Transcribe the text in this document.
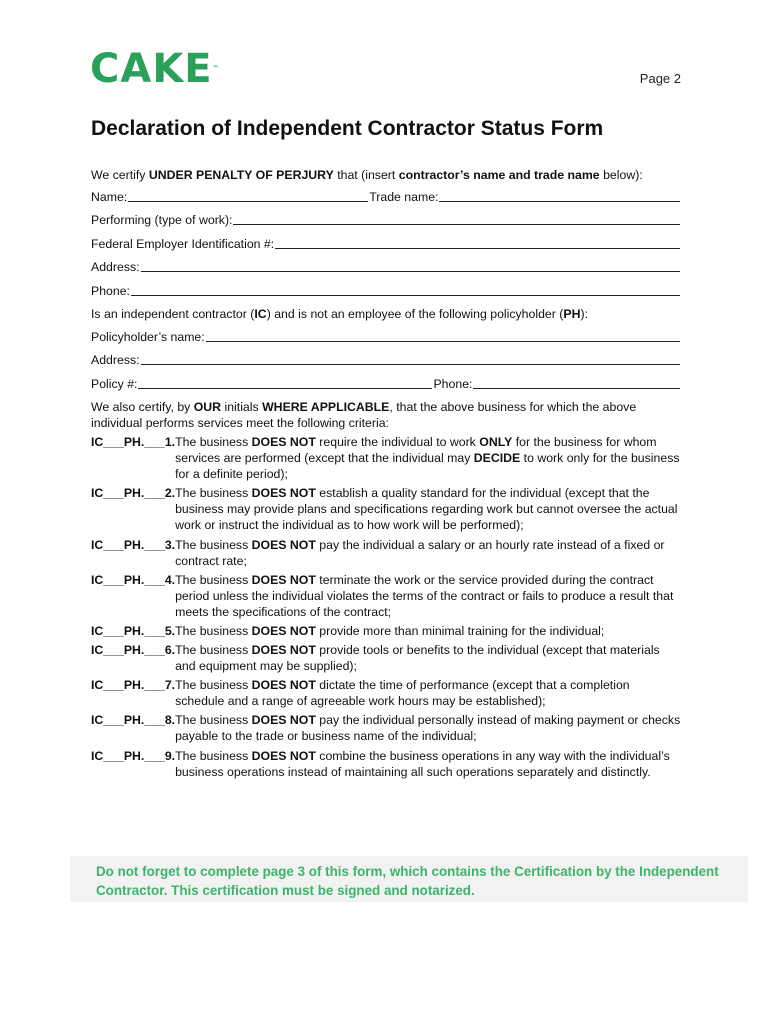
CAKE™
Page 2
Declaration of Independent Contractor Status Form

We certify UNDER PENALTY OF PERJURY that (insert contractor’s name and trade name below):

Name:	Trade name:
Performing (type of work):
Federal Employer Identification #:
Address:
Phone:

Is an independent contractor (IC) and is not an employee of the following policyholder (PH):

Policyholder’s name:
Address:
Policy #:	Phone:

We also certify, by OUR initials WHERE APPLICABLE, that the above business for which the above individual performs services meet the following criteria:

IC___PH.___1. The business DOES NOT require the individual to work ONLY for the business for whom services are performed (except that the individual may DECIDE to work only for the business for a definite period);
IC___PH.___2. The business DOES NOT establish a quality standard for the individual (except that the business may provide plans and specifications regarding work but cannot oversee the actual work or instruct the individual as to how work will be performed);
IC___PH.___3. The business DOES NOT pay the individual a salary or an hourly rate instead of a fixed or contract rate;
IC___PH.___4. The business DOES NOT terminate the work or the service provided during the contract period unless the individual violates the terms of the contract or fails to produce a result that meets the specifications of the contract;
IC___PH.___5. The business DOES NOT provide more than minimal training for the individual;
IC___PH.___6. The business DOES NOT provide tools or benefits to the individual (except that materials and equipment may be supplied);
IC___PH.___7. The business DOES NOT dictate the time of performance (except that a completion schedule and a range of agreeable work hours may be established);
IC___PH.___8. The business DOES NOT pay the individual personally instead of making payment or checks payable to the trade or business name of the individual;
IC___PH.___9. The business DOES NOT combine the business operations in any way with the individual’s business operations instead of maintaining all such operations separately and distinctly.

Do not forget to complete page 3 of this form, which contains the Certification by the Independent Contractor. This certification must be signed and notarized.
